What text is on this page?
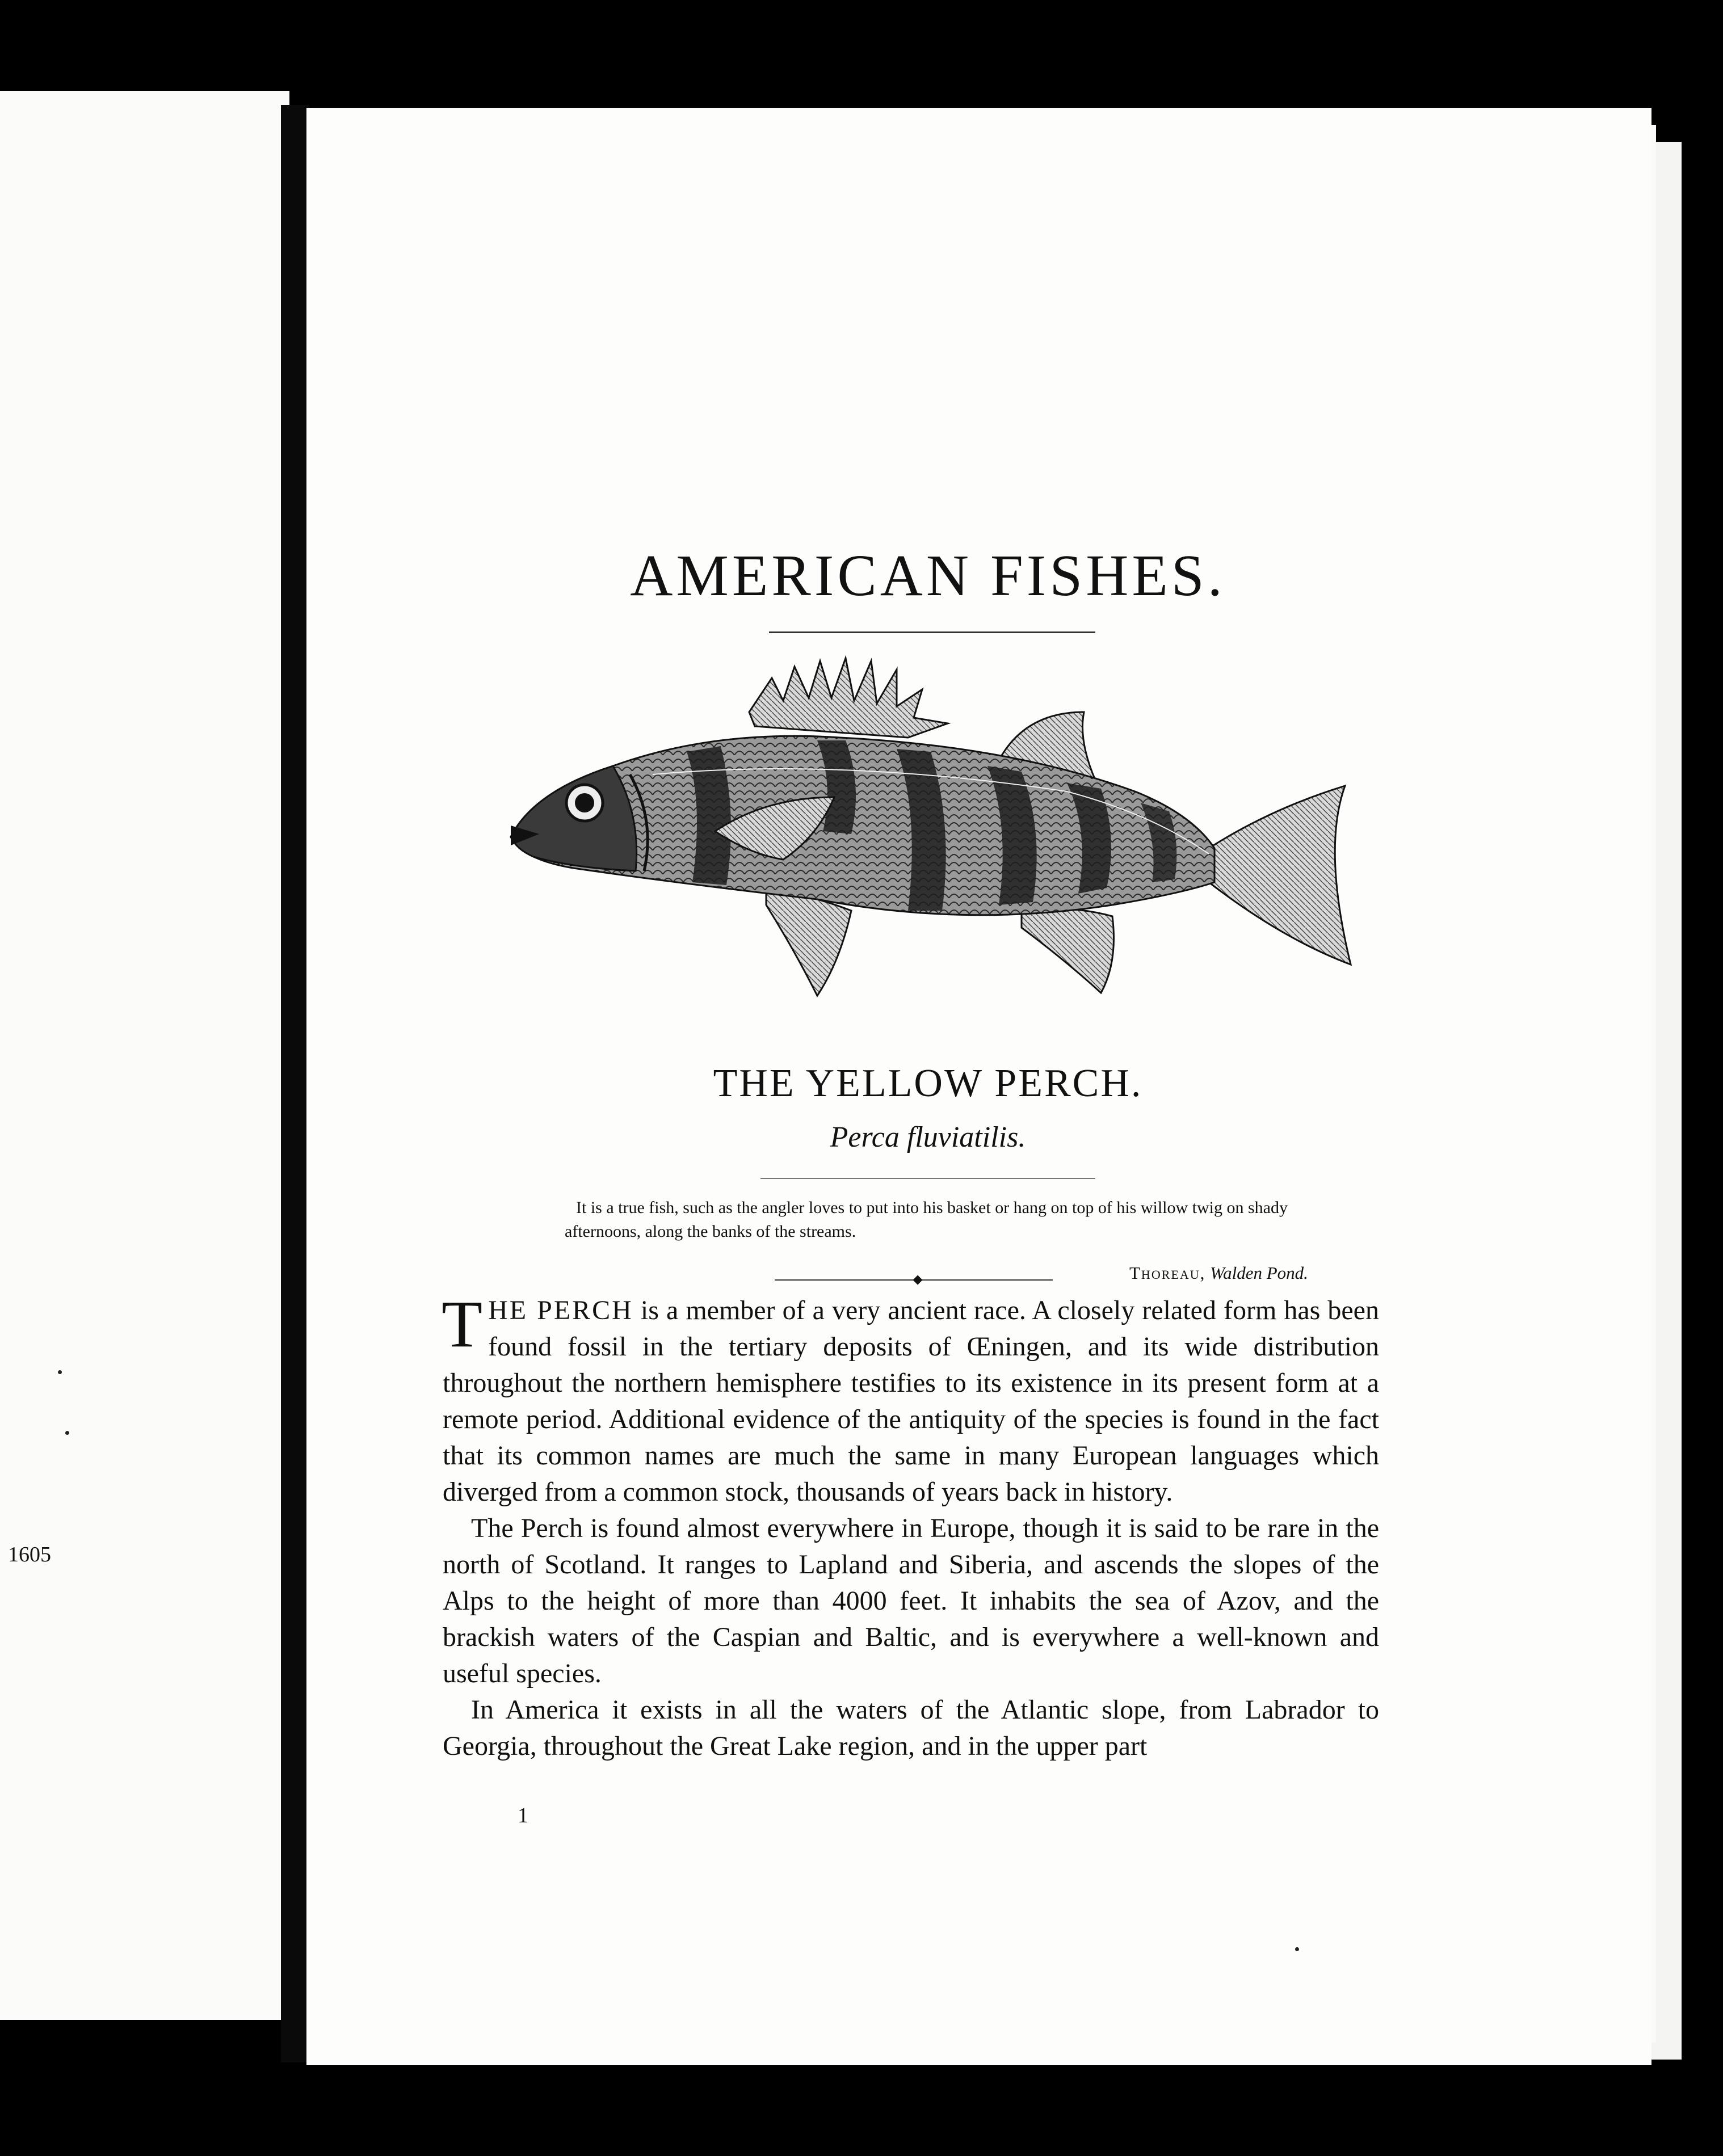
1605
AMERICAN FISHES.
THE YELLOW PERCH.
Perca fluviatilis.
It is a true fish, such as the angler loves to put into his basket or hang on top of his willow twig on shady afternoons, along the banks of the streams.
Thoreau, Walden Pond.

THE PERCH is a member of a very ancient race. A closely related form has been found fossil in the tertiary deposits of Œningen, and its wide distribution throughout the northern hemisphere testifies to its existence in its present form at a remote period. Additional evidence of the antiquity of the species is found in the fact that its common names are much the same in many European languages which diverged from a common stock, thousands of years back in history.

The Perch is found almost everywhere in Europe, though it is said to be rare in the north of Scotland. It ranges to Lapland and Siberia, and ascends the slopes of the Alps to the height of more than 4000 feet. It inhabits the sea of Azov, and the brackish waters of the Caspian and Baltic, and is everywhere a well-known and useful species.

In America it exists in all the waters of the Atlantic slope, from Labrador to Georgia, throughout the Great Lake region, and in the upper part

1
